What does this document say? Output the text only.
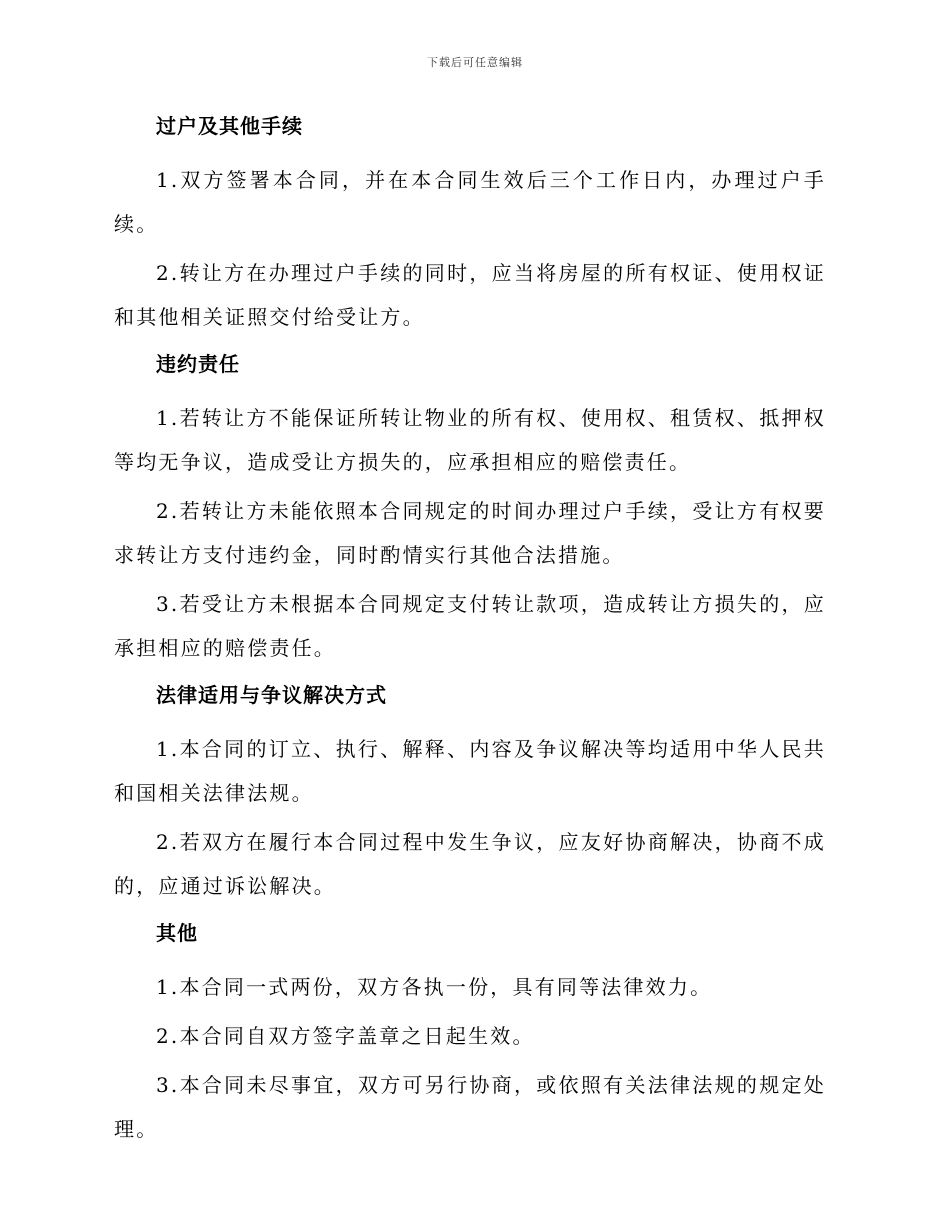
下载后可任意编辑
过户及其他手续
1.双方签署本合同，并在本合同生效后三个工作日内，办理过户手续。
2.转让方在办理过户手续的同时，应当将房屋的所有权证、使用权证和其他相关证照交付给受让方。
违约责任
1.若转让方不能保证所转让物业的所有权、使用权、租赁权、抵押权等均无争议，造成受让方损失的，应承担相应的赔偿责任。
2.若转让方未能依照本合同规定的时间办理过户手续，受让方有权要求转让方支付违约金，同时酌情实行其他合法措施。
3.若受让方未根据本合同规定支付转让款项，造成转让方损失的，应承担相应的赔偿责任。
法律适用与争议解决方式
1.本合同的订立、执行、解释、内容及争议解决等均适用中华人民共和国相关法律法规。
2.若双方在履行本合同过程中发生争议，应友好协商解决，协商不成的，应通过诉讼解决。
其他
1.本合同一式两份，双方各执一份，具有同等法律效力。
2.本合同自双方签字盖章之日起生效。
3.本合同未尽事宜，双方可另行协商，或依照有关法律法规的规定处理。
